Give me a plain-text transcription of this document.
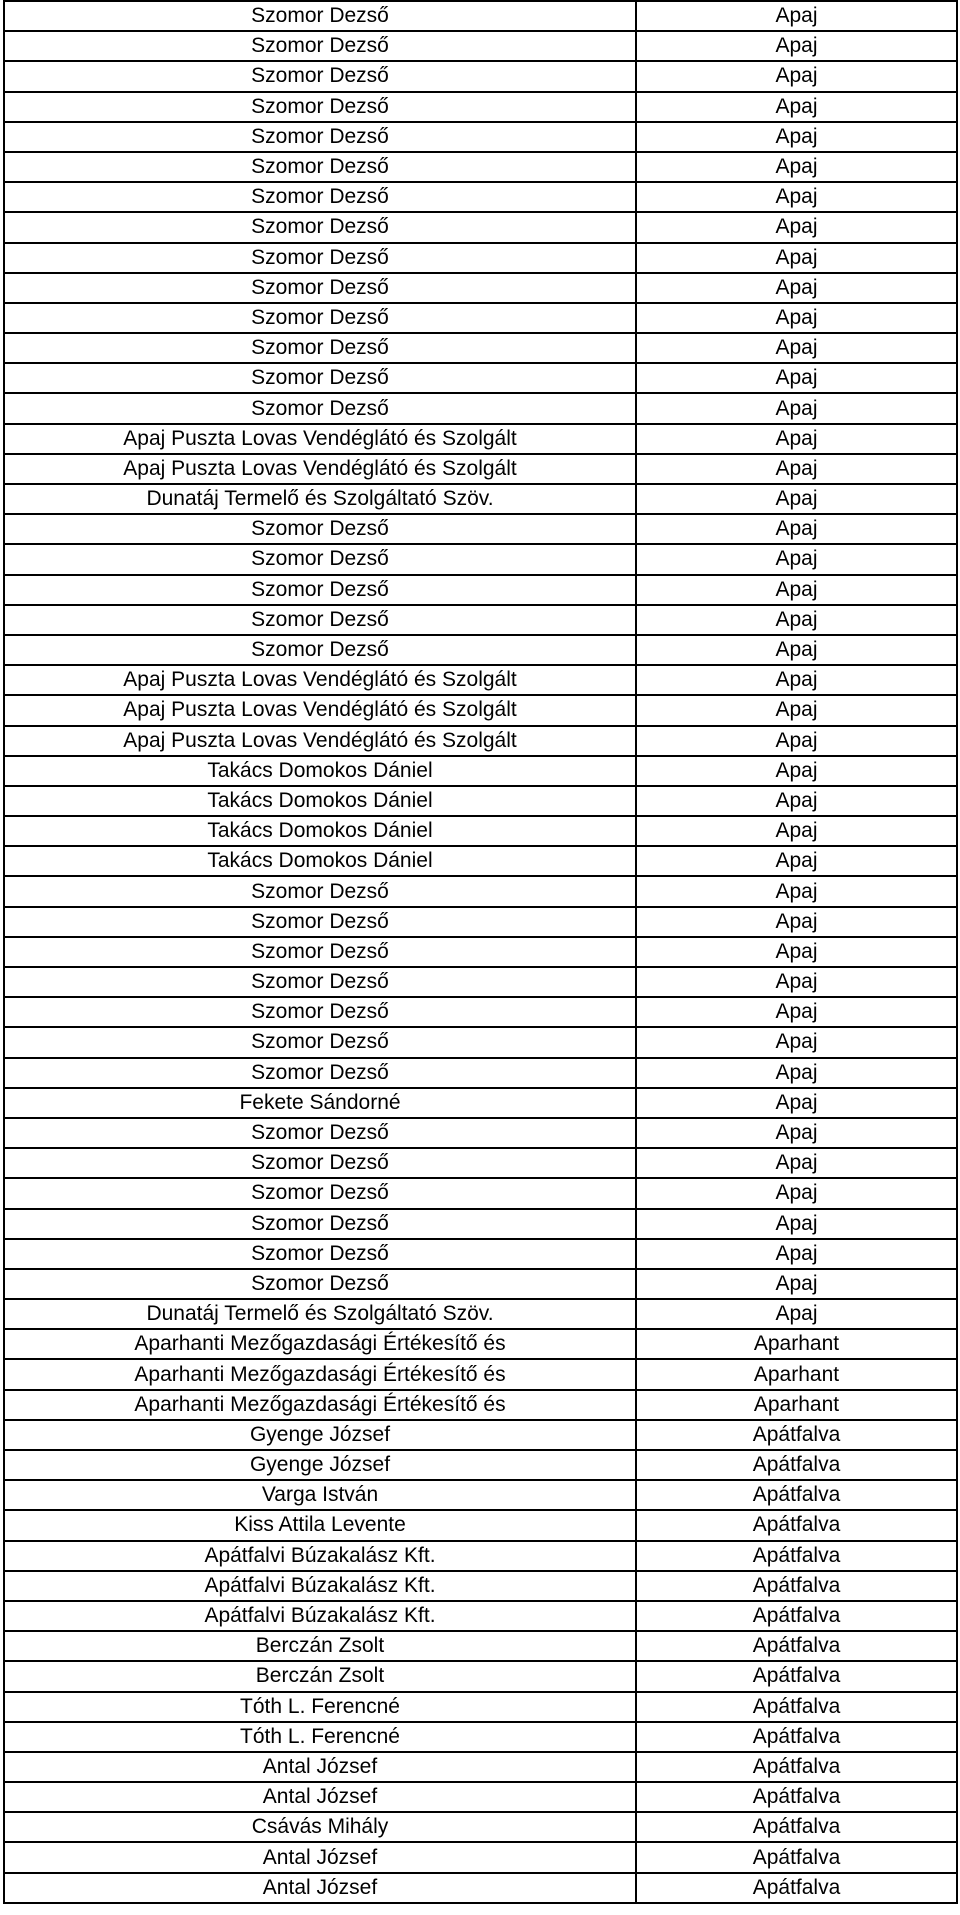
Szomor Dezső	Apaj
Szomor Dezső	Apaj
Szomor Dezső	Apaj
Szomor Dezső	Apaj
Szomor Dezső	Apaj
Szomor Dezső	Apaj
Szomor Dezső	Apaj
Szomor Dezső	Apaj
Szomor Dezső	Apaj
Szomor Dezső	Apaj
Szomor Dezső	Apaj
Szomor Dezső	Apaj
Szomor Dezső	Apaj
Szomor Dezső	Apaj
Apaj Puszta Lovas Vendéglátó és Szolgált	Apaj
Apaj Puszta Lovas Vendéglátó és Szolgált	Apaj
Dunatáj Termelő és Szolgáltató Szöv.	Apaj
Szomor Dezső	Apaj
Szomor Dezső	Apaj
Szomor Dezső	Apaj
Szomor Dezső	Apaj
Szomor Dezső	Apaj
Apaj Puszta Lovas Vendéglátó és Szolgált	Apaj
Apaj Puszta Lovas Vendéglátó és Szolgált	Apaj
Apaj Puszta Lovas Vendéglátó és Szolgált	Apaj
Takács Domokos Dániel	Apaj
Takács Domokos Dániel	Apaj
Takács Domokos Dániel	Apaj
Takács Domokos Dániel	Apaj
Szomor Dezső	Apaj
Szomor Dezső	Apaj
Szomor Dezső	Apaj
Szomor Dezső	Apaj
Szomor Dezső	Apaj
Szomor Dezső	Apaj
Szomor Dezső	Apaj
Fekete Sándorné	Apaj
Szomor Dezső	Apaj
Szomor Dezső	Apaj
Szomor Dezső	Apaj
Szomor Dezső	Apaj
Szomor Dezső	Apaj
Szomor Dezső	Apaj
Dunatáj Termelő és Szolgáltató Szöv.	Apaj
Aparhanti Mezőgazdasági Értékesítő és	Aparhant
Aparhanti Mezőgazdasági Értékesítő és	Aparhant
Aparhanti Mezőgazdasági Értékesítő és	Aparhant
Gyenge József	Apátfalva
Gyenge József	Apátfalva
Varga István	Apátfalva
Kiss Attila Levente	Apátfalva
Apátfalvi Búzakalász Kft.	Apátfalva
Apátfalvi Búzakalász Kft.	Apátfalva
Apátfalvi Búzakalász Kft.	Apátfalva
Berczán Zsolt	Apátfalva
Berczán Zsolt	Apátfalva
Tóth L. Ferencné	Apátfalva
Tóth L. Ferencné	Apátfalva
Antal József	Apátfalva
Antal József	Apátfalva
Csávás Mihály	Apátfalva
Antal József	Apátfalva
Antal József	Apátfalva
